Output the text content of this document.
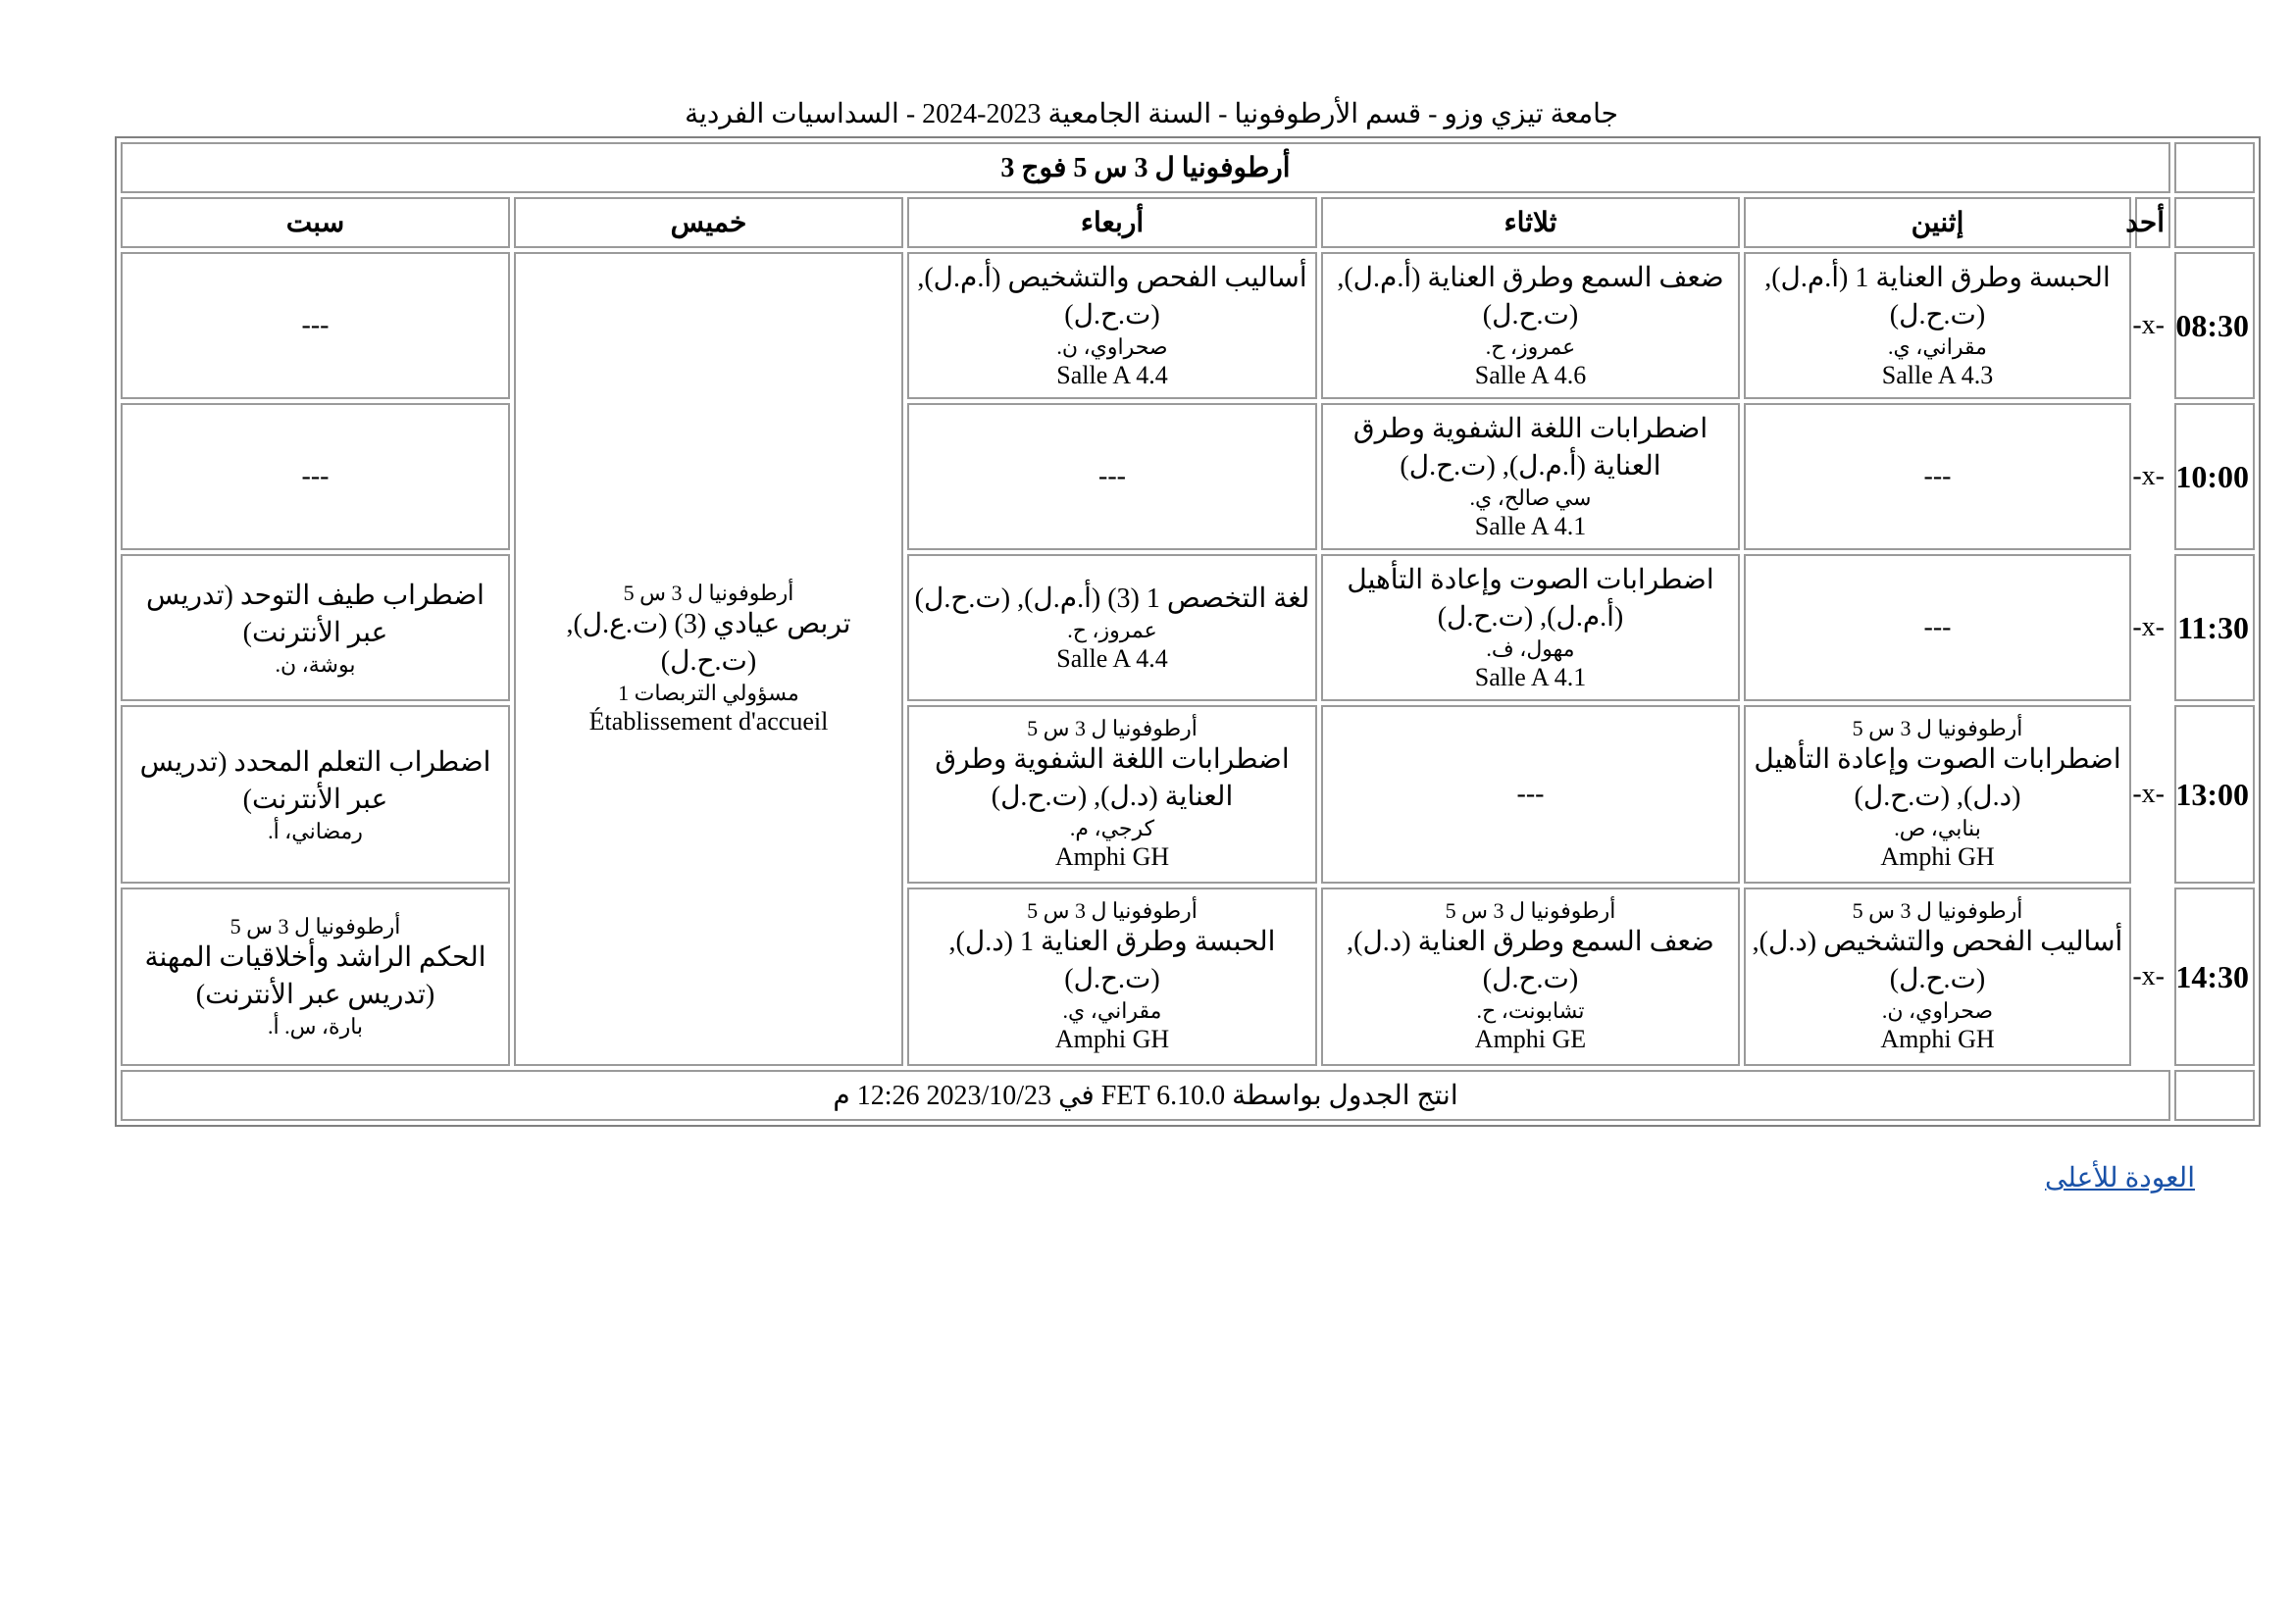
جامعة تيزي وزو - قسم الأرطوفونيا - السنة الجامعية 2023-2024 - السداسيات الفردية
	أرطوفونيا ل 3 س 5 فوج 3					
	أحد	إثنين	ثلاثاء	أربعاء	خميس	سبت
08:30	-x-	الحبسة وطرق العناية 1 (أ.م.ل), (ت.ح.ل)
مقراني، ي.
Salle A 4.3	ضعف السمع وطرق العناية (أ.م.ل), (ت.ح.ل)
عمروز، ح.
Salle A 4.6	أساليب الفحص والتشخيص (أ.م.ل), (ت.ح.ل)
صحراوي، ن.
Salle A 4.4	أرطوفونيا ل 3 س 5
تربص عيادي (3) (ت.ع.ل), (ت.ح.ل)
مسؤولي التربصات 1
Établissement d'accueil	---
10:00	-x-	---	اضطرابات اللغة الشفوية وطرق العناية (أ.م.ل), (ت.ح.ل)
سي صالح، ي.
Salle A 4.1	---		---
11:30	-x-	---	اضطرابات الصوت وإعادة التأهيل (أ.م.ل), (ت.ح.ل)
مهول، ف.
Salle A 4.1	لغة التخصص 1 (3) (أ.م.ل), (ت.ح.ل)
عمروز، ح.
Salle A 4.4		اضطراب طيف التوحد (تدريس عبر الأنترنت)
بوشة، ن.

13:00	-x-	أرطوفونيا ل 3 س 5
اضطرابات الصوت وإعادة التأهيل (د.ل), (ت.ح.ل)
بنابي، ص.
Amphi GH	---	أرطوفونيا ل 3 س 5
اضطرابات اللغة الشفوية وطرق العناية (د.ل), (ت.ح.ل)
كرجي، م.
Amphi GH		اضطراب التعلم المحدد (تدريس عبر الأنترنت)
رمضاني، أ.

14:30	-x-	أرطوفونيا ل 3 س 5
أساليب الفحص والتشخيص (د.ل), (ت.ح.ل)
صحراوي، ن.
Amphi GH	أرطوفونيا ل 3 س 5
ضعف السمع وطرق العناية (د.ل), (ت.ح.ل)
تشابونت، ح.
Amphi GE	أرطوفونيا ل 3 س 5
الحبسة وطرق العناية 1 (د.ل), (ت.ح.ل)
مقراني، ي.
Amphi GH		أرطوفونيا ل 3 س 5
الحكم الراشد وأخلاقيات المهنة (تدريس عبر الأنترنت)
بارة، س. أ.

	انتج الجدول بواسطة FET 6.10.0 في 2023/10/23 12:26 م					
العودة للأعلى
